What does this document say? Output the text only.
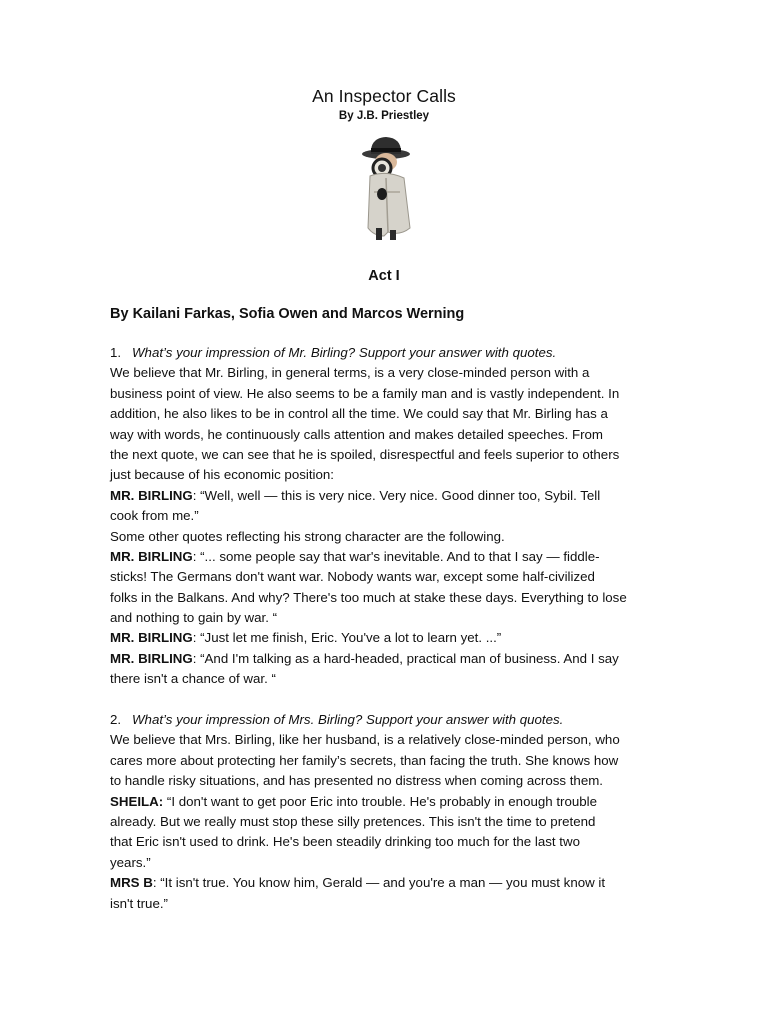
An Inspector Calls

By J.B. Priestley

Act I
By Kailani Farkas, Sofia Owen and Marcos Werning
1. What’s your impression of Mr. Birling? Support your answer with quotes.
We believe that Mr. Birling, in general terms, is a very close-minded person with a
business point of view. He also seems to be a family man and is vastly independent. In
addition, he also likes to be in control all the time. We could say that Mr. Birling has a
way with words, he continuously calls attention and makes detailed speeches. From
the next quote, we can see that he is spoiled, disrespectful and feels superior to others
just because of his economic position:
MR. BIRLING: “Well, well — this is very nice. Very nice. Good dinner too, Sybil. Tell
cook from me.”
Some other quotes reflecting his strong character are the following.
MR. BIRLING: “... some people say that war's inevitable. And to that I say — fiddle-
sticks! The Germans don't want war. Nobody wants war, except some half-civilized
folks in the Balkans. And why? There's too much at stake these days. Everything to lose
and nothing to gain by war. “
MR. BIRLING: “Just let me finish, Eric. You've a lot to learn yet. ...”
MR. BIRLING: “And I'm talking as a hard-headed, practical man of business. And I say
there isn't a chance of war. “
2. What’s your impression of Mrs. Birling? Support your answer with quotes.
We believe that Mrs. Birling, like her husband, is a relatively close-minded person, who
cares more about protecting her family’s secrets, than facing the truth. She knows how
to handle risky situations, and has presented no distress when coming across them.
SHEILA: “I don't want to get poor Eric into trouble. He's probably in enough trouble
already. But we really must stop these silly pretences. This isn't the time to pretend
that Eric isn't used to drink. He's been steadily drinking too much for the last two
years.”
MRS B: “It isn't true. You know him, Gerald — and you're a man — you must know it
isn't true.”
